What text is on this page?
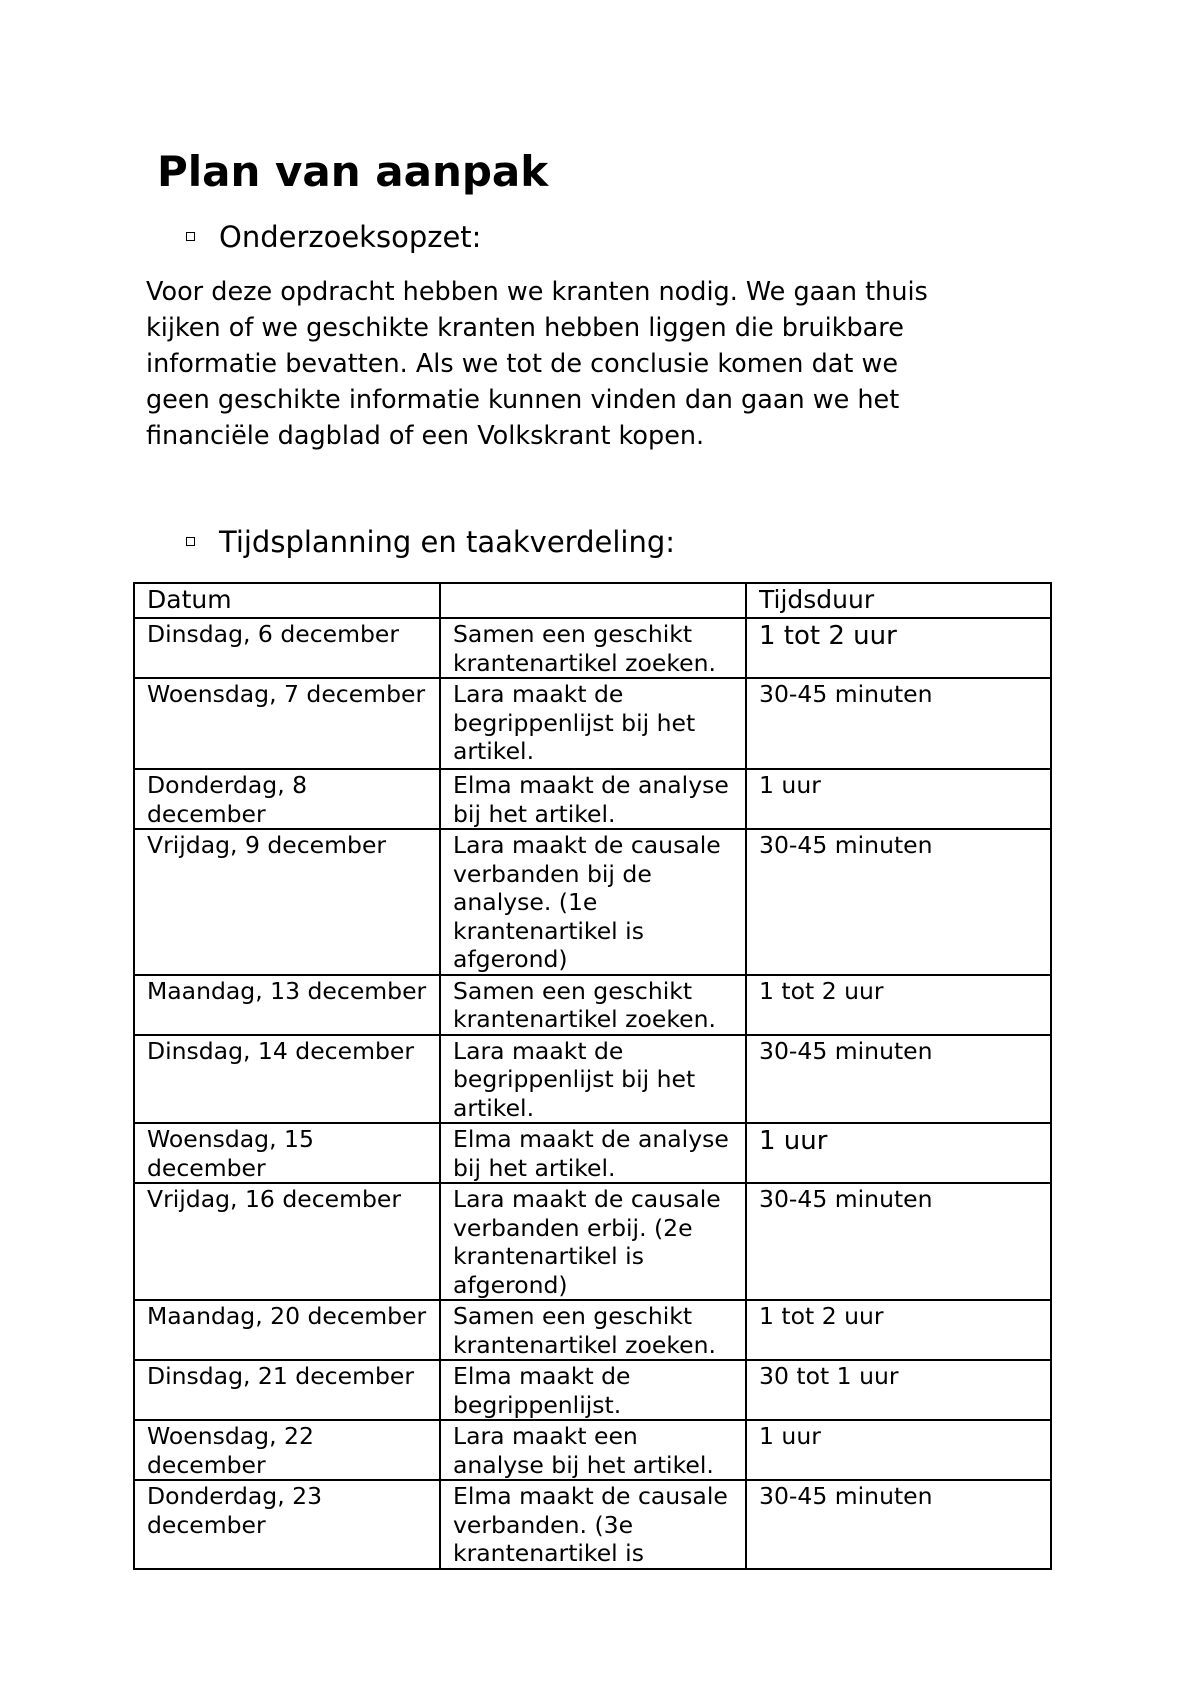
Plan van aanpak
Onderzoeksopzet:
Voor deze opdracht hebben we kranten nodig. We gaan thuis
kijken of we geschikte kranten hebben liggen die bruikbare
informatie bevatten. Als we tot de conclusie komen dat we
geen geschikte informatie kunnen vinden dan gaan we het
financiële dagblad of een Volkskrant kopen.
Tijdsplanning en taakverdeling:
Datum		Tijdsduur
Dinsdag, 6 december	Samen een geschikt krantenartikel zoeken.	1 tot 2 uur
Woensdag, 7 december	Lara maakt de begrippenlijst bij het artikel.	30-45 minuten
Donderdag, 8 december	Elma maakt de analyse bij het artikel.	1 uur
Vrijdag, 9 december	Lara maakt de causale verbanden bij de analyse. (1e krantenartikel is afgerond)	30-45 minuten
Maandag, 13 december	Samen een geschikt krantenartikel zoeken.	1 tot 2 uur
Dinsdag, 14 december	Lara maakt de begrippenlijst bij het artikel.	30-45 minuten
Woensdag, 15 december	Elma maakt de analyse bij het artikel.	1 uur
Vrijdag, 16 december	Lara maakt de causale verbanden erbij. (2e krantenartikel is afgerond)	30-45 minuten
Maandag, 20 december	Samen een geschikt krantenartikel zoeken.	1 tot 2 uur
Dinsdag, 21 december	Elma maakt de begrippenlijst.	30 tot 1 uur
Woensdag, 22 december	Lara maakt een analyse bij het artikel.	1 uur
Donderdag, 23 december	Elma maakt de causale verbanden. (3e krantenartikel is	30-45 minuten
